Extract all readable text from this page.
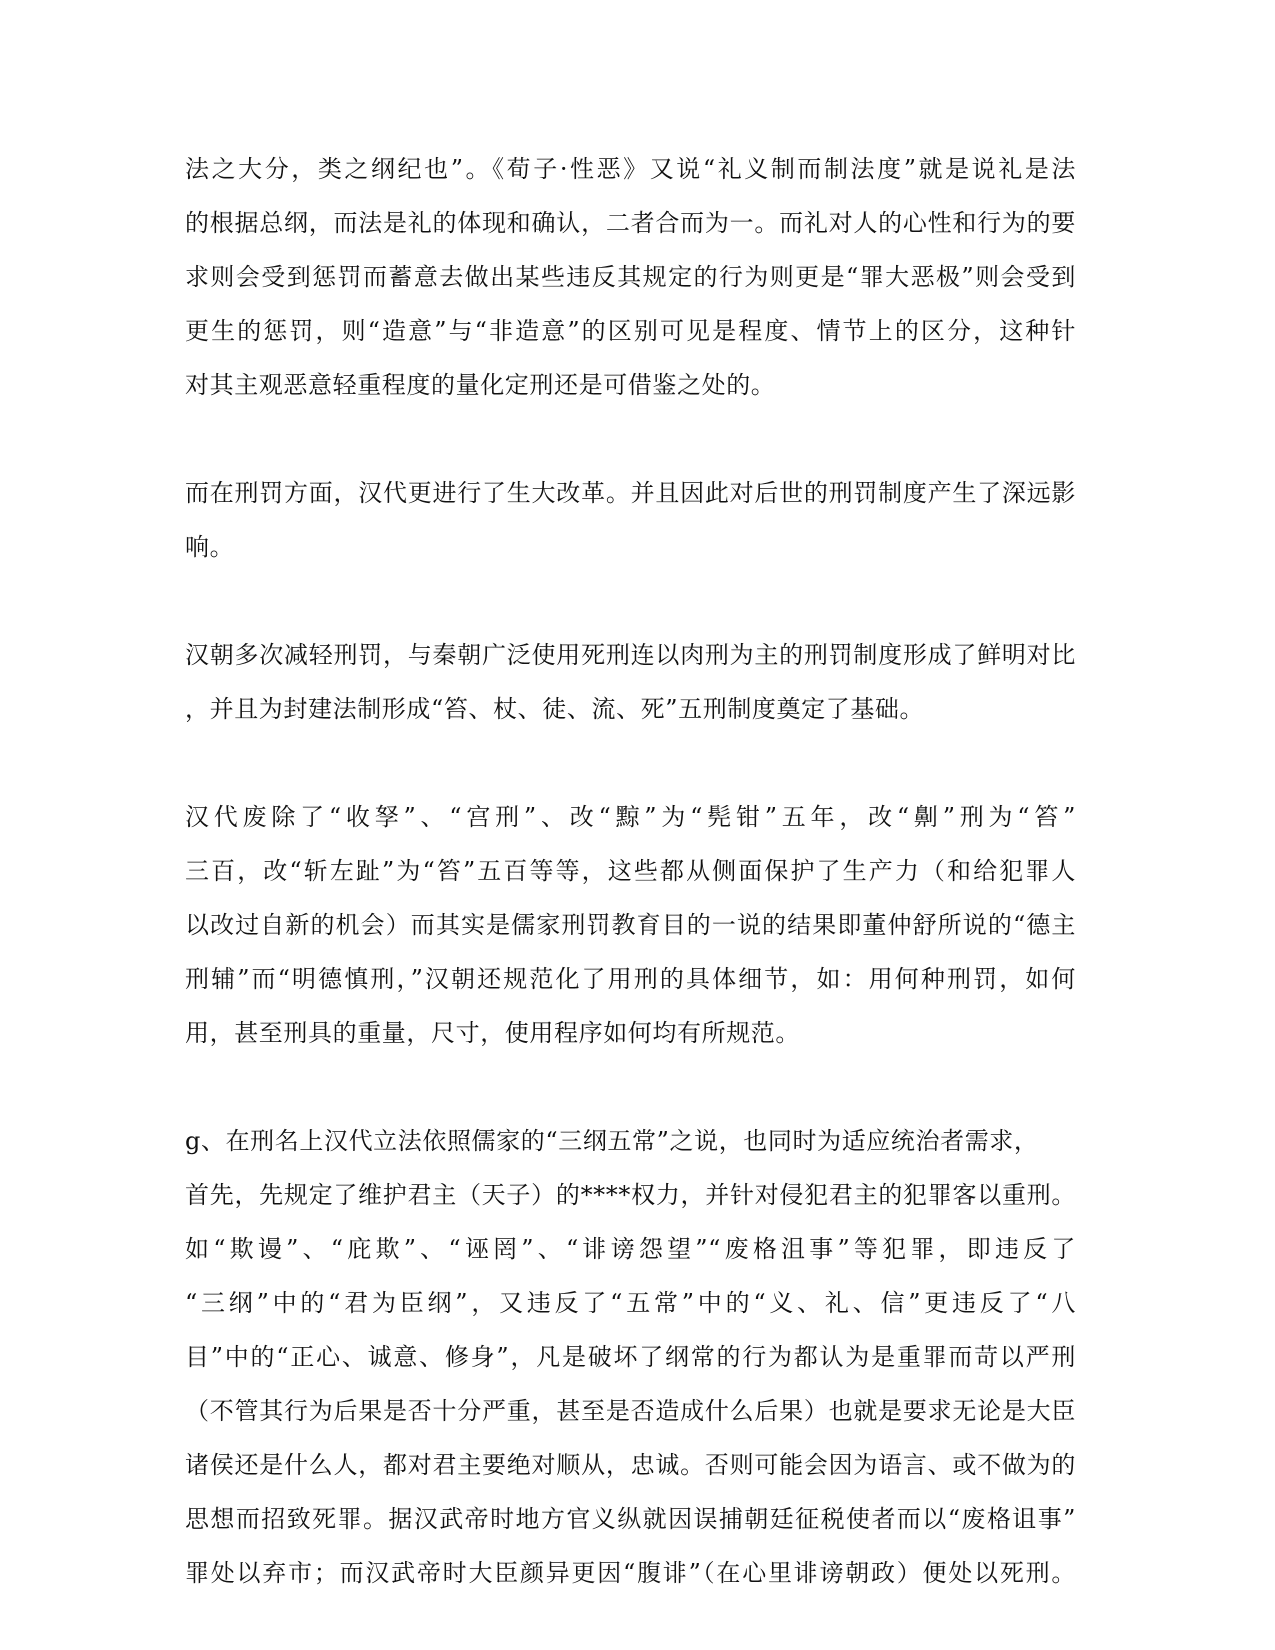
法之大分，类之纲纪也”。《荀子·性恶》又说“礼义制而制法度”就是说礼是法
的根据总纲，而法是礼的体现和确认，二者合而为一。而礼对人的心性和行为的要
求则会受到惩罚而蓄意去做出某些违反其规定的行为则更是“罪大恶极”则会受到
更生的惩罚，则“造意”与“非造意”的区别可见是程度、情节上的区分，这种针
对其主观恶意轻重程度的量化定刑还是可借鉴之处的。
而在刑罚方面，汉代更进行了生大改革。并且因此对后世的刑罚制度产生了深远影
响。
汉朝多次减轻刑罚，与秦朝广泛使用死刑连以肉刑为主的刑罚制度形成了鲜明对比
，并且为封建法制形成“笞、杖、徒、流、死”五刑制度奠定了基础。
汉代废除了“收孥”、“宫刑”、改“黥”为“髡钳”五年，改“劓”刑为“笞”
三百，改“斩左趾”为“笞”五百等等，这些都从侧面保护了生产力（和给犯罪人
以改过自新的机会）而其实是儒家刑罚教育目的一说的结果即董仲舒所说的“德主
刑辅”而“明德慎刑，”汉朝还规范化了用刑的具体细节，如：用何种刑罚，如何
用，甚至刑具的重量，尺寸，使用程序如何均有所规范。
g、在刑名上汉代立法依照儒家的“三纲五常”之说，也同时为适应统治者需求，
首先，先规定了维护君主（天子）的****权力，并针对侵犯君主的犯罪客以重刑。
如“欺谩”、“庇欺”、“诬罔”、“诽谤怨望”“废格沮事”等犯罪，即违反了
“三纲”中的“君为臣纲”，又违反了“五常”中的“义、礼、信”更违反了“八
目”中的“正心、诚意、修身”，凡是破坏了纲常的行为都认为是重罪而苛以严刑
（不管其行为后果是否十分严重，甚至是否造成什么后果）也就是要求无论是大臣
诸侯还是什么人，都对君主要绝对顺从，忠诚。否则可能会因为语言、或不做为的
思想而招致死罪。据汉武帝时地方官义纵就因误捕朝廷征税使者而以“废格诅事”
罪处以弃市；而汉武帝时大臣颜异更因“腹诽”（在心里诽谤朝政）便处以死刑。
